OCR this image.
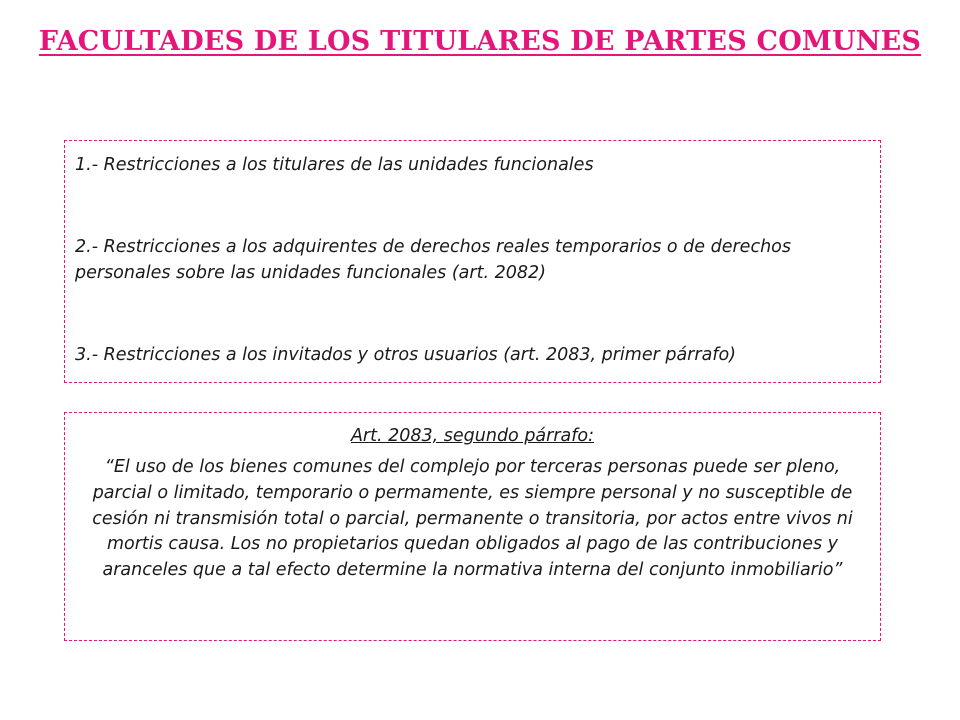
FACULTADES DE LOS TITULARES DE PARTES COMUNES

1.- Restricciones a los titulares de las unidades funcionales

2.- Restricciones a los adquirentes de derechos reales temporarios o de derechos personales sobre las unidades funcionales (art. 2082)

3.- Restricciones a los invitados y otros usuarios (art. 2083, primer párrafo)

Art. 2083, segundo párrafo:

“El uso de los bienes comunes del complejo por terceras personas puede ser pleno, parcial o limitado, temporario o permamente, es siempre personal y no susceptible de cesión ni transmisión total o parcial, permanente o transitoria, por actos entre vivos ni mortis causa. Los no propietarios quedan obligados al pago de las contribuciones y aranceles que a tal efecto determine la normativa interna del conjunto inmobiliario”
